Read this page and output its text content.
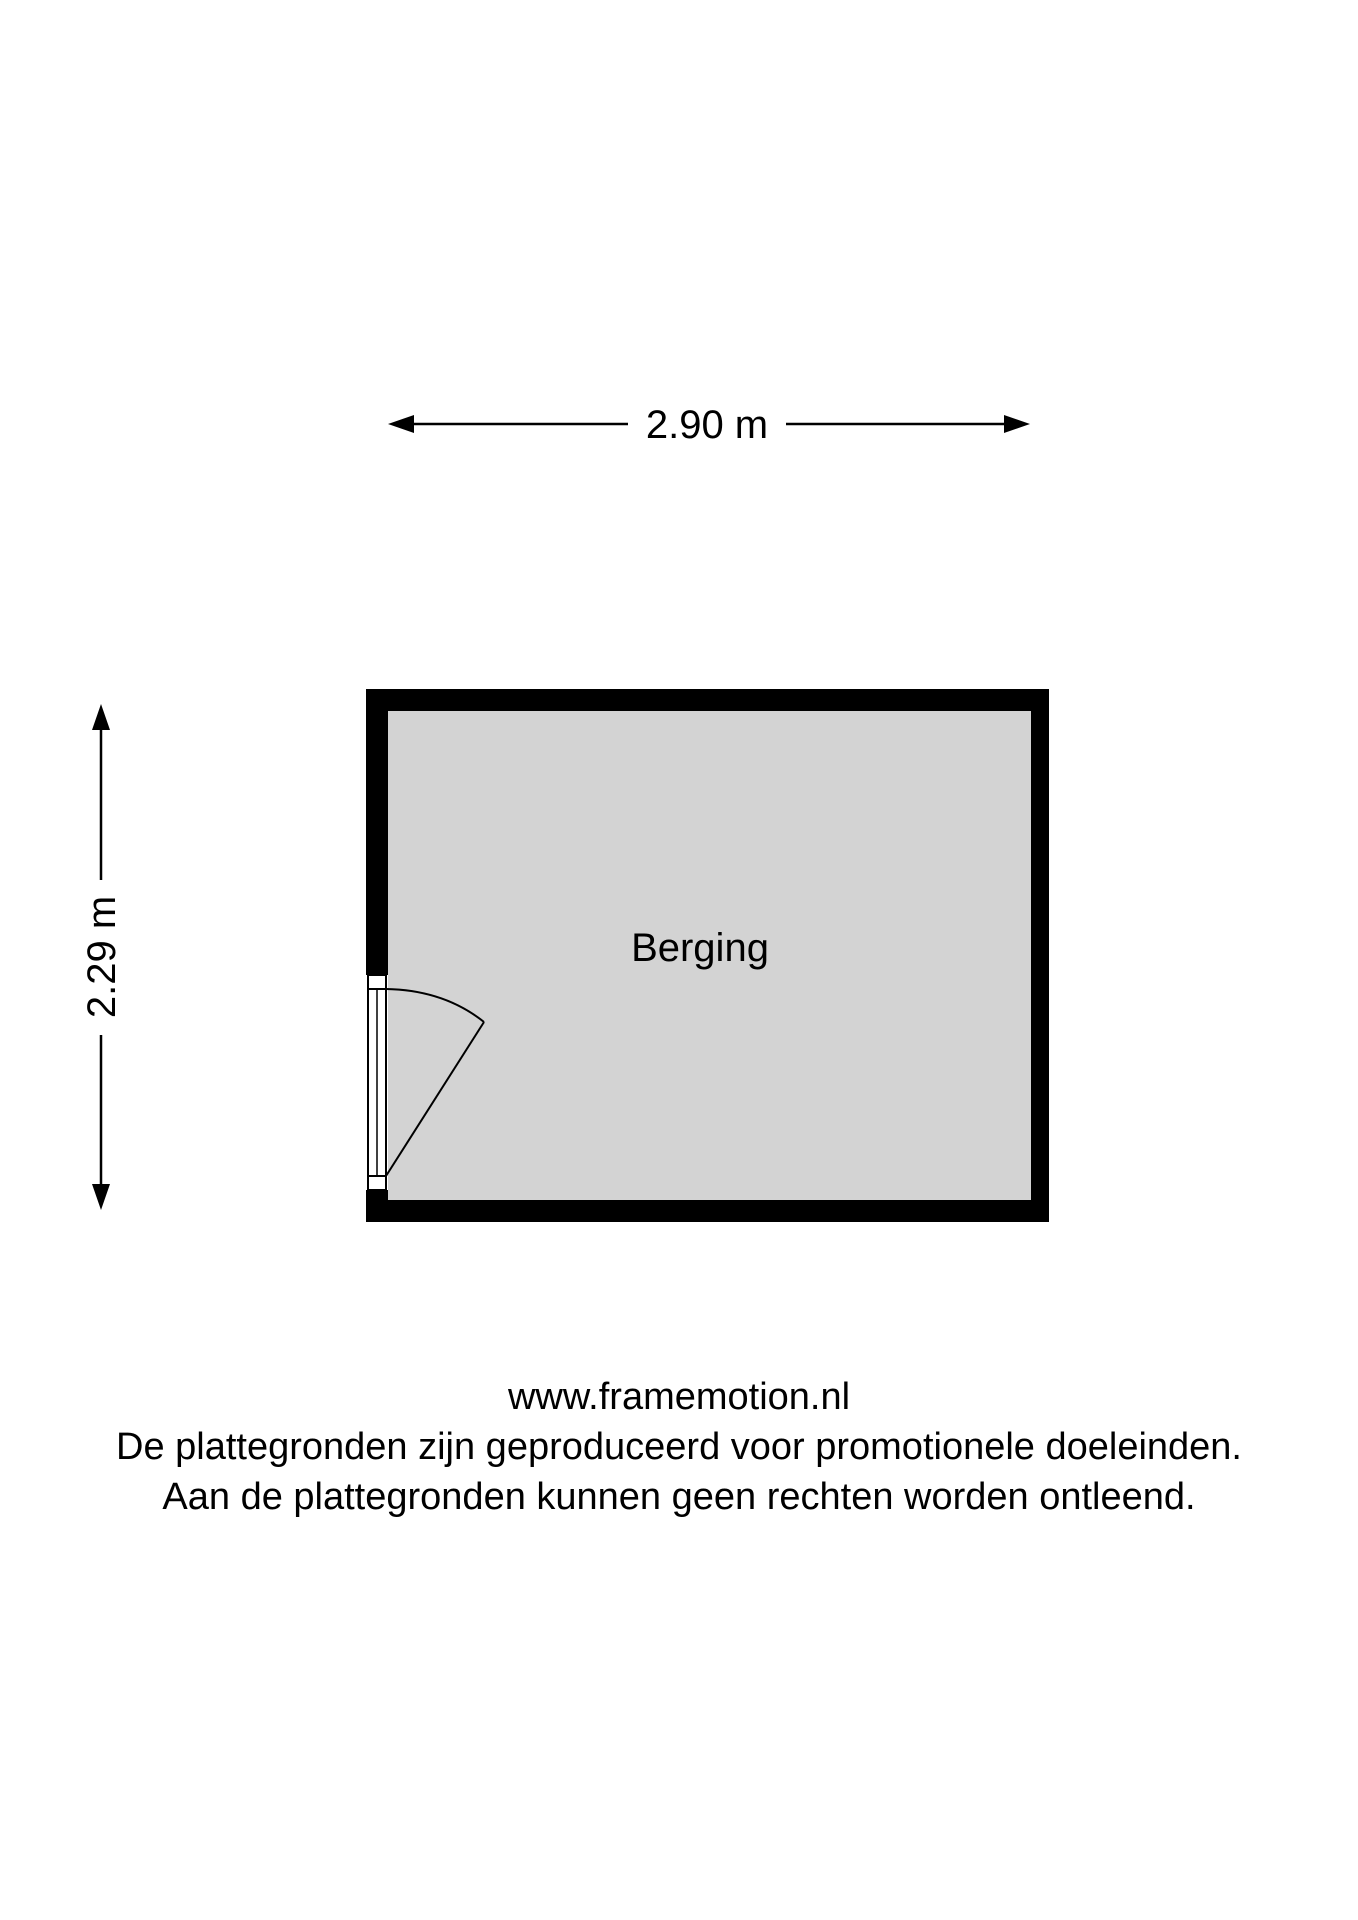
2.90 m
2.29 m	Berging
www.framemotion.nl
De plattegronden zijn geproduceerd voor promotionele doeleinden.
Aan de plattegronden kunnen geen rechten worden ontleend.
